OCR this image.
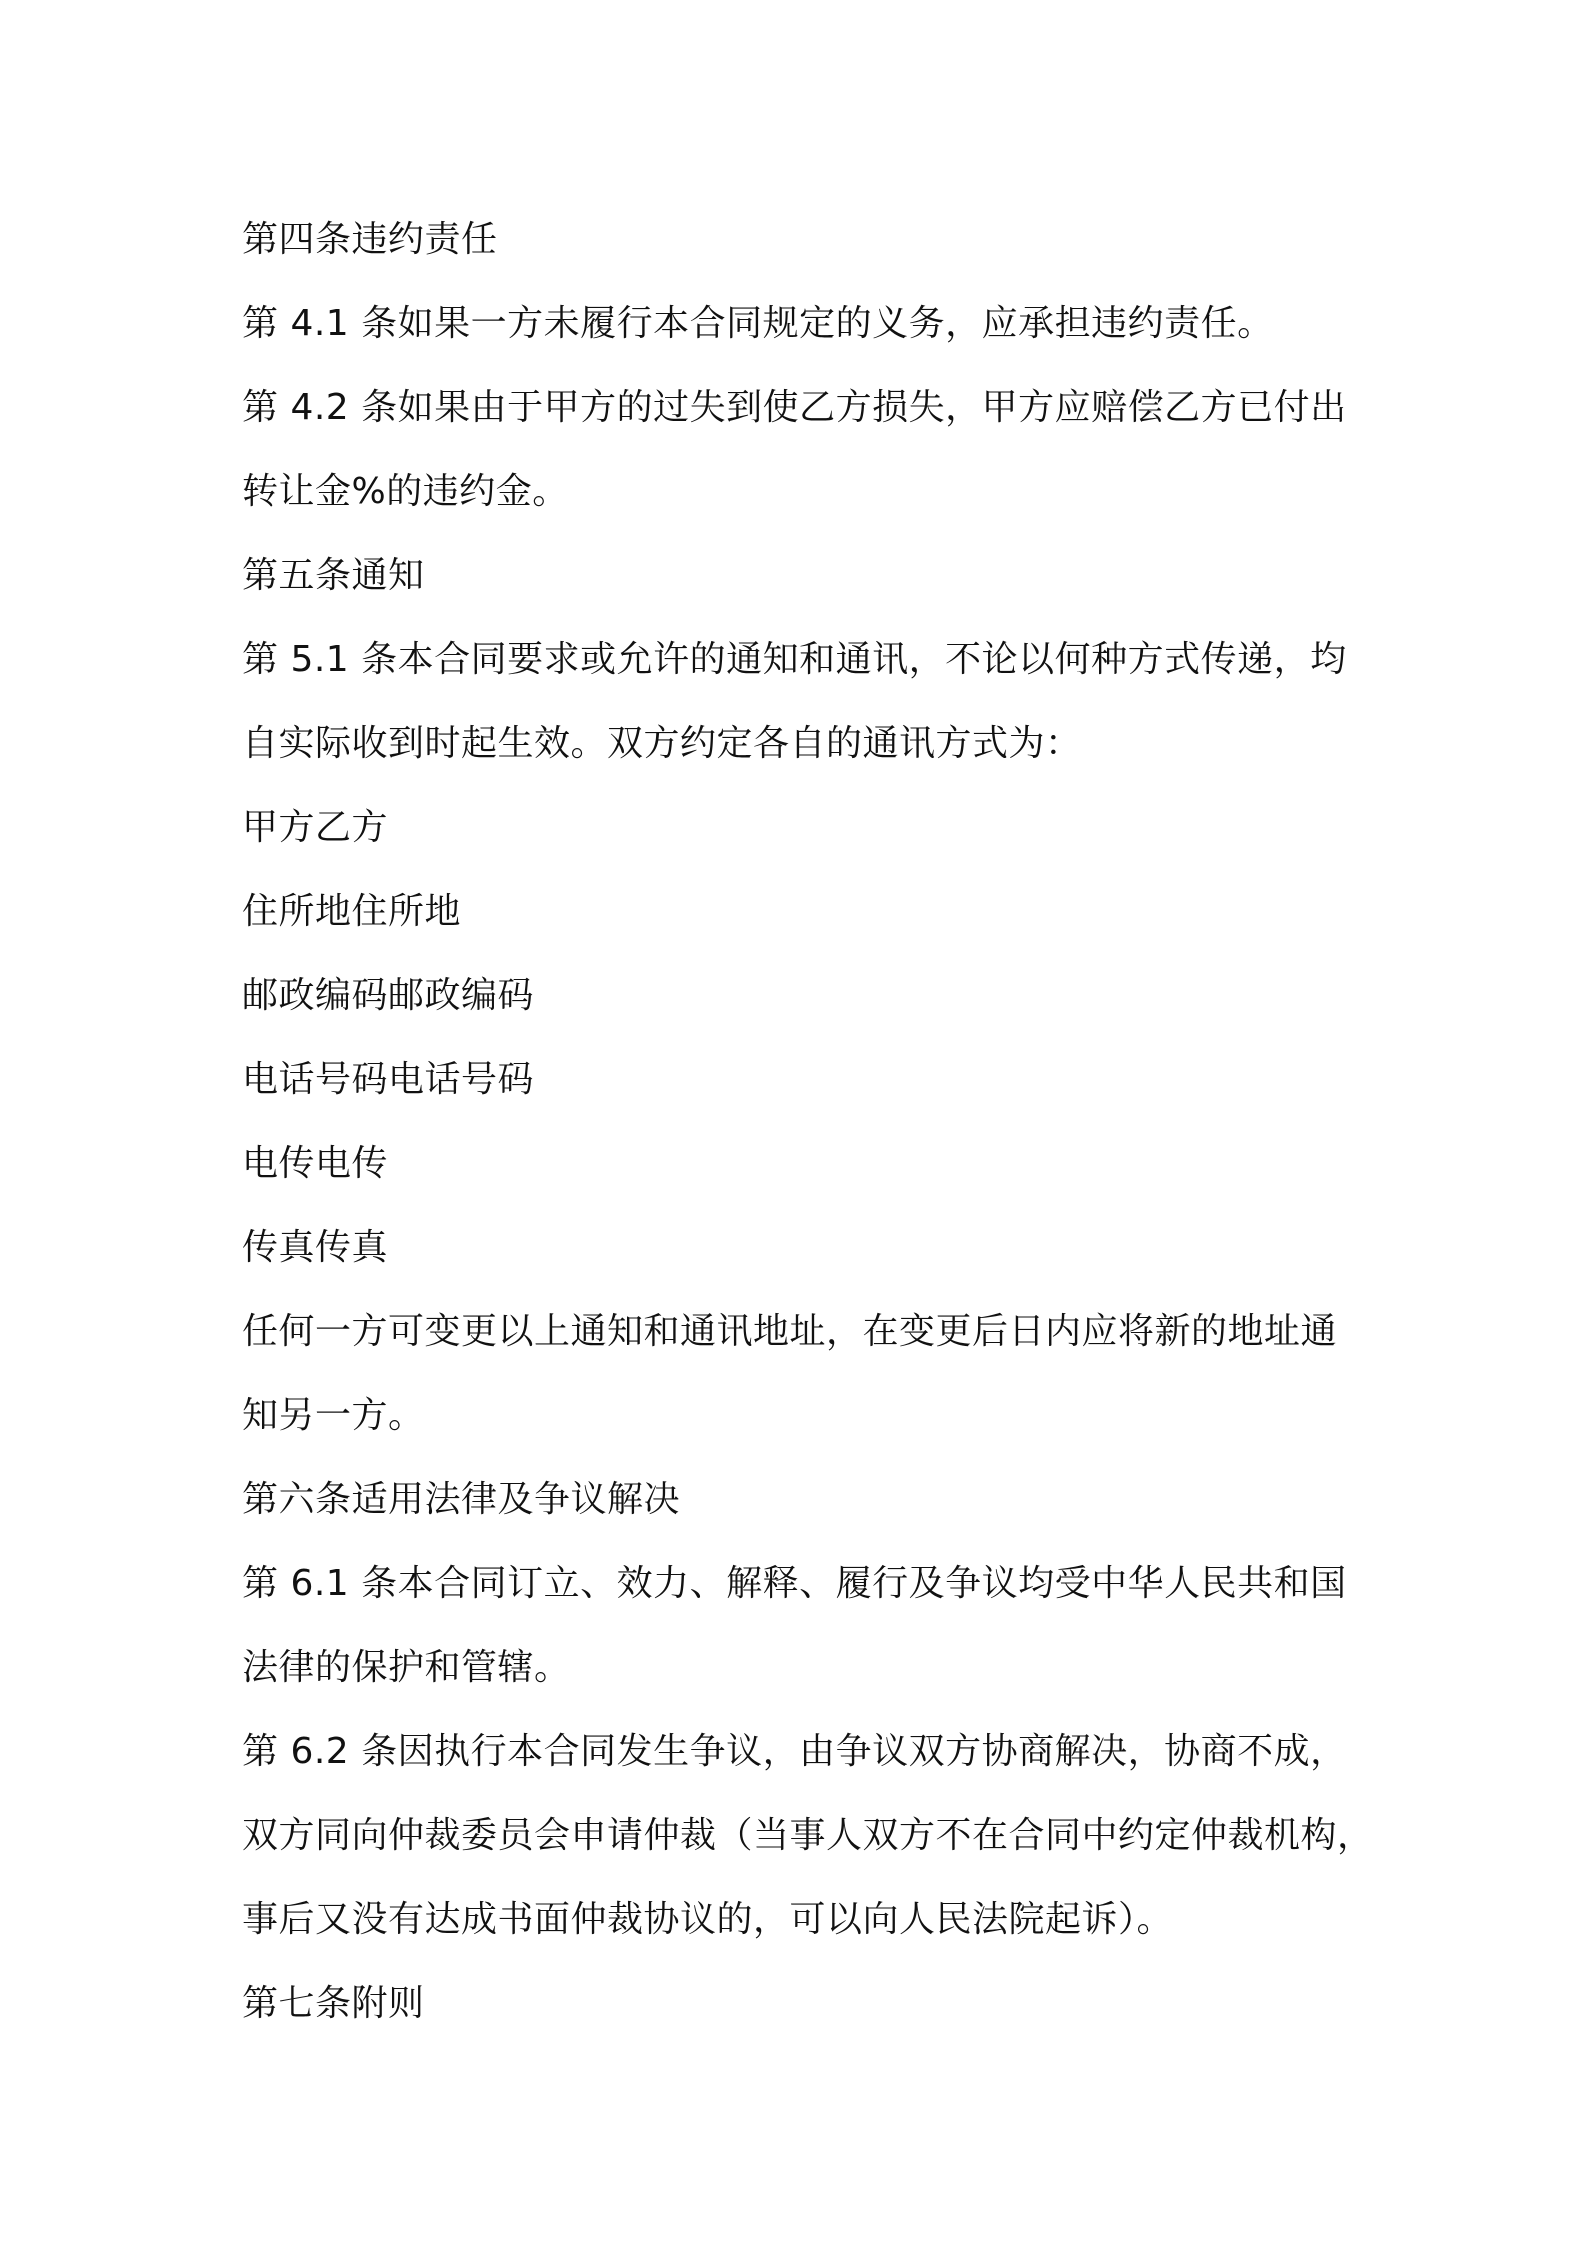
第四条违约责任
第 4.1 条如果一方未履行本合同规定的义务，应承担违约责任。
第 4.2 条如果由于甲方的过失到使乙方损失，甲方应赔偿乙方已付出
转让金%的违约金。
第五条通知
第 5.1 条本合同要求或允许的通知和通讯，不论以何种方式传递，均
自实际收到时起生效。双方约定各自的通讯方式为：
甲方乙方
住所地住所地
邮政编码邮政编码
电话号码电话号码
电传电传
传真传真
任何一方可变更以上通知和通讯地址，在变更后日内应将新的地址通
知另一方。
第六条适用法律及争议解决
第 6.1 条本合同订立、效力、解释、履行及争议均受中华人民共和国
法律的保护和管辖。
第 6.2 条因执行本合同发生争议，由争议双方协商解决，协商不成，
双方同向仲裁委员会申请仲裁（当事人双方不在合同中约定仲裁机构，
事后又没有达成书面仲裁协议的，可以向人民法院起诉）。
第七条附则
